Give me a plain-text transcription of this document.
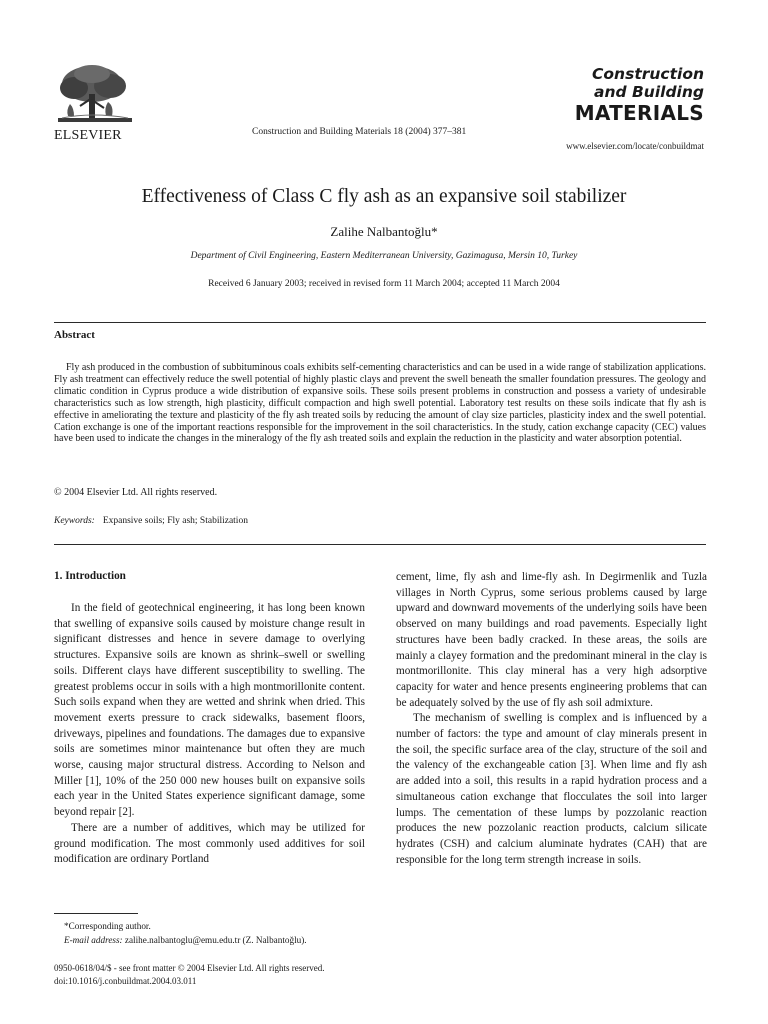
ELSEVIER	Construction and Building Materials 18 (2004) 377–381
Construction
and Building
MATERIALS
www.elsevier.com/locate/conbuildmat
Effectiveness of Class C fly ash as an expansive soil stabilizer
Zalihe Nalbantoğlu*
Department of Civil Engineering, Eastern Mediterranean University, Gazimagusa, Mersin 10, Turkey
Received 6 January 2003; received in revised form 11 March 2004; accepted 11 March 2004
Abstract

Fly ash produced in the combustion of subbituminous coals exhibits self-cementing characteristics and can be used in a wide range of stabilization applications. Fly ash treatment can effectively reduce the swell potential of highly plastic clays and prevent the swell beneath the smaller foundation pressures. The geology and climatic condition in Cyprus produce a wide distribution of expansive soils. These soils present problems in construction and possess a variety of undesirable characteristics such as low strength, high plasticity, difficult compaction and high swell potential. Laboratory test results on these soils indicate that fly ash is effective in ameliorating the texture and plasticity of the fly ash treated soils by reducing the amount of clay size particles, plasticity index and the swell potential. Cation exchange is one of the important reactions responsible for the improvement in the soil characteristics. In the study, cation exchange capacity (CEC) values have been used to indicate the changes in the mineralogy of the fly ash treated soils and explain the reduction in the plasticity and water absorption potential.

© 2004 Elsevier Ltd. All rights reserved.
Keywords: Expansive soils; Fly ash; Stabilization
1. Introduction

In the field of geotechnical engineering, it has long been known that swelling of expansive soils caused by moisture change result in significant distresses and hence in severe damage to overlying structures. Expansive soils are known as shrink–swell or swelling soils. Different clays have different susceptibility to swelling. The greatest problems occur in soils with a high montmorillonite content. Such soils expand when they are wetted and shrink when dried. This movement exerts pressure to crack sidewalks, basement floors, driveways, pipelines and foundations. The damages due to expansive soils are sometimes minor maintenance but often they are much worse, causing major structural distress. According to Nelson and Miller [1], 10% of the 250 000 new houses built on expansive soils each year in the United States experience significant damage, some beyond repair [2].

There are a number of additives, which may be utilized for ground modification. The most commonly used additives for soil modification are ordinary Portland

cement, lime, fly ash and lime-fly ash. In Degirmenlik and Tuzla villages in North Cyprus, some serious problems caused by large upward and downward movements of the underlying soils have been observed on many buildings and road pavements. Especially light structures have been badly cracked. In these areas, the soils are mainly a clayey formation and the predominant mineral in the clay is montmorillonite. This clay mineral has a very high adsorptive capacity for water and hence presents engineering problems that can be adequately solved by the use of fly ash soil admixture.

The mechanism of swelling is complex and is influenced by a number of factors: the type and amount of clay minerals present in the soil, the specific surface area of the clay, structure of the soil and the valency of the exchangeable cation [3]. When lime and fly ash are added into a soil, this results in a rapid hydration process and a simultaneous cation exchange that flocculates the soil into larger lumps. The cementation of these lumps by pozzolanic reaction produces the new pozzolanic reaction products, calcium silicate hydrates (CSH) and calcium aluminate hydrates (CAH) that are responsible for the long term strength increase in soils.

*Corresponding author.
E-mail address: zalihe.nalbantoglu@emu.edu.tr (Z. Nalbantoğlu).
0950-0618/04/$ - see front matter © 2004 Elsevier Ltd. All rights reserved.
doi:10.1016/j.conbuildmat.2004.03.011
